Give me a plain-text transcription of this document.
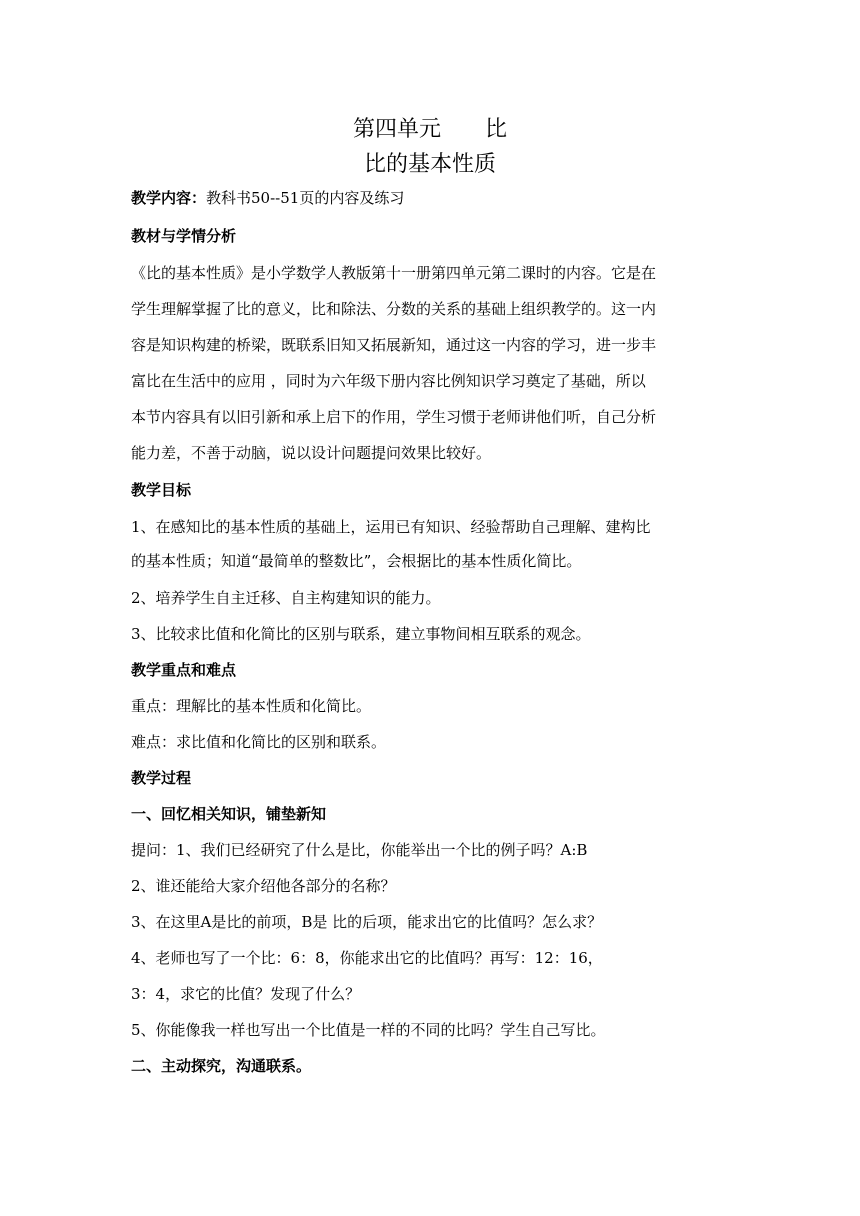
第四单元　　比
比的基本性质
教学内容：教科书50--51页的内容及练习
教材与学情分析
《比的基本性质》是小学数学人教版第十一册第四单元第二课时的内容。它是在
学生理解掌握了比的意义，比和除法、分数的关系的基础上组织教学的。这一内
容是知识构建的桥梁，既联系旧知又拓展新知，通过这一内容的学习，进一步丰
富比在生活中的应用 ，同时为六年级下册内容比例知识学习奠定了基础，所以
本节内容具有以旧引新和承上启下的作用，学生习惯于老师讲他们听，自己分析
能力差，不善于动脑，说以设计问题提问效果比较好。
教学目标
1、在感知比的基本性质的基础上，运用已有知识、经验帮助自己理解、建构比
的基本性质；知道“最简单的整数比”，会根据比的基本性质化简比。
2、培养学生自主迁移、自主构建知识的能力。
3、比较求比值和化简比的区别与联系，建立事物间相互联系的观念。
教学重点和难点
重点：理解比的基本性质和化简比。
难点：求比值和化简比的区别和联系。
教学过程
一、回忆相关知识，铺垫新知
提问：1、我们已经研究了什么是比，你能举出一个比的例子吗？A:B
2、谁还能给大家介绍他各部分的名称？
3、在这里A是比的前项，B是 比的后项，能求出它的比值吗？怎么求？
4、老师也写了一个比：6：8，你能求出它的比值吗？再写：12：16，
3：4，求它的比值？发现了什么？
5、你能像我一样也写出一个比值是一样的不同的比吗？学生自己写比。
二、主动探究，沟通联系。
